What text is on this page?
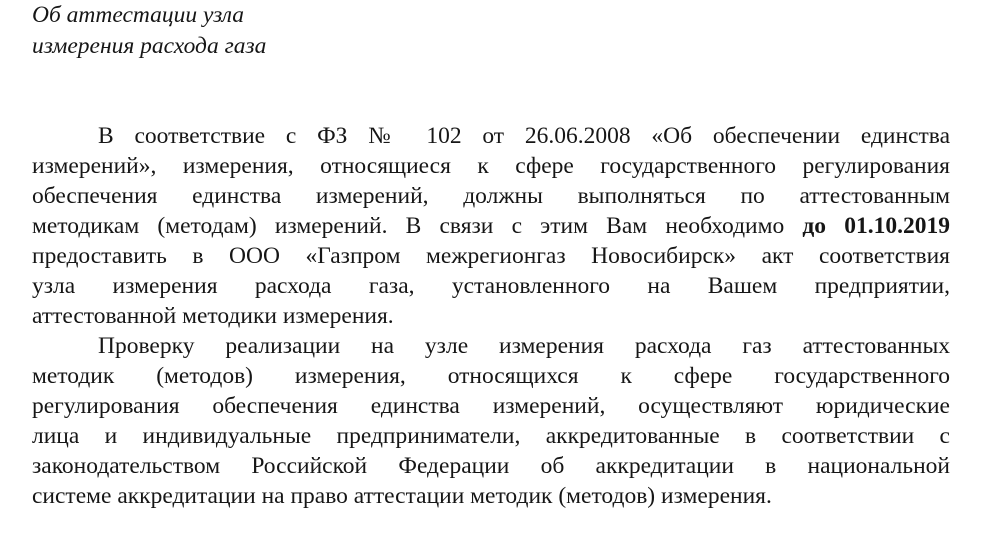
Об аттестации узла
измерения расхода газа

В соответствие с ФЗ № 102 от 26.06.2008 «Об обеспечении единства
измерений», измерения, относящиеся к сфере государственного регулирования
обеспечения единства измерений, должны выполняться по аттестованным
методикам (методам) измерений. В связи с этим Вам необходимо до 01.10.2019
предоставить в ООО «Газпром межрегионгаз Новосибирск» акт соответствия
узла измерения расхода газа, установленного на Вашем предприятии,
аттестованной методики измерения.

Проверку реализации на узле измерения расхода газ аттестованных
методик (методов) измерения, относящихся к сфере государственного
регулирования обеспечения единства измерений, осуществляют юридические
лица и индивидуальные предприниматели, аккредитованные в соответствии с
законодательством Российской Федерации об аккредитации в национальной
системе аккредитации на право аттестации методик (методов) измерения.
